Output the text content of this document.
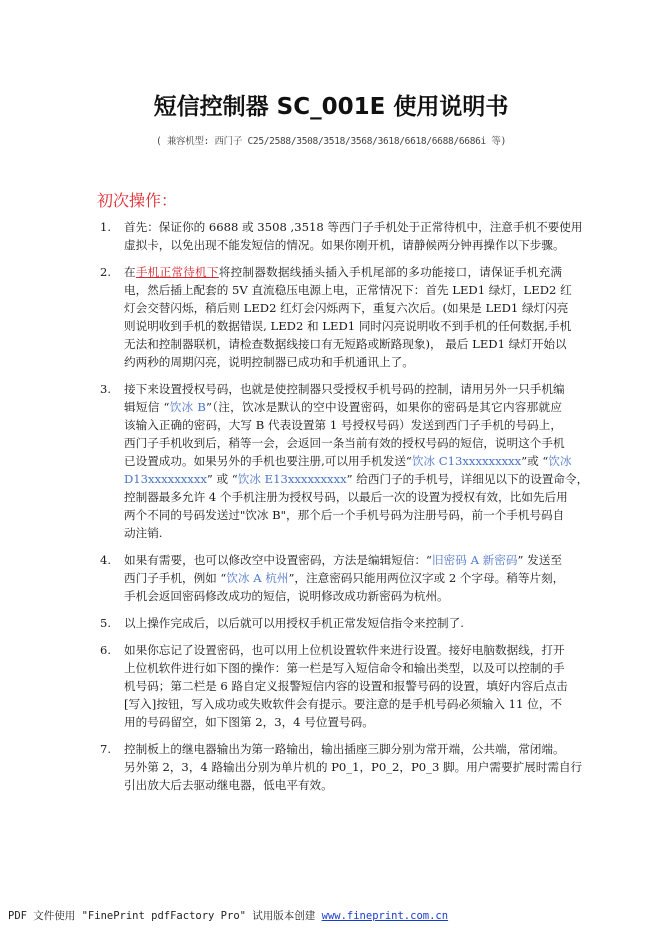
短信控制器 SC_001E 使用说明书
( 兼容机型: 西门子 C25/2588/3508/3518/3568/3618/6618/6688/6686i 等)
初次操作：
1. 首先：保证你的 6688 或 3508 ,3518 等西门子手机处于正常待机中，注意手机不要使用
虚拟卡，以免出现不能发短信的情况。如果你刚开机，请静候两分钟再操作以下步骤。
2. 在手机正常待机下将控制器数据线插头插入手机尾部的多功能接口，请保证手机充满
电，然后插上配套的 5V 直流稳压电源上电，正常情况下：首先 LED1 绿灯，LED2 红
灯会交替闪烁，稍后则 LED2 红灯会闪烁两下，重复六次后。(如果是 LED1 绿灯闪亮
则说明收到手机的数据错误, LED2 和 LED1 同时闪亮说明收不到手机的任何数据,手机
无法和控制器联机，请检查数据线接口有无短路或断路现象)， 最后 LED1 绿灯开始以
约两秒的周期闪亮，说明控制器已成功和手机通讯上了。
3. 接下来设置授权号码，也就是使控制器只受授权手机号码的控制，请用另外一只手机编
辑短信 “饮冰 B”（注，饮冰是默认的空中设置密码，如果你的密码是其它内容那就应
该输入正确的密码，大写 B 代表设置第 1 号授权号码）发送到西门子手机的号码上，
西门子手机收到后，稍等一会，会返回一条当前有效的授权号码的短信，说明这个手机
已设置成功。如果另外的手机也要注册,可以用手机发送“饮冰 C13xxxxxxxxx”或 “饮冰
D13xxxxxxxxx” 或 “饮冰 E13xxxxxxxxx” 给西门子的手机号，详细见以下的设置命令，
控制器最多允许 4 个手机注册为授权号码，以最后一次的设置为授权有效，比如先后用
两个不同的号码发送过"饮冰 B"，那个后一个手机号码为注册号码，前一个手机号码自
动注销.
4. 如果有需要，也可以修改空中设置密码，方法是编辑短信：“旧密码 A 新密码” 发送至
西门子手机，例如 “饮冰 A 杭州”，注意密码只能用两位汉字或 2 个字母。稍等片刻，
手机会返回密码修改成功的短信，说明修改成功新密码为杭州。
5. 以上操作完成后，以后就可以用授权手机正常发短信指令来控制了.
6. 如果你忘记了设置密码，也可以用上位机设置软件来进行设置。接好电脑数据线，打开
上位机软件进行如下图的操作：第一栏是写入短信命令和输出类型，以及可以控制的手
机号码；第二栏是 6 路自定义报警短信内容的设置和报警号码的设置，填好内容后点击
[写入]按钮，写入成功或失败软件会有提示。要注意的是手机号码必须输入 11 位，不
用的号码留空，如下图第 2，3，4 号位置号码。
7. 控制板上的继电器输出为第一路输出，输出插座三脚分别为常开端，公共端，常闭端。
另外第 2，3，4 路输出分别为单片机的 P0_1，P0_2，P0_3 脚。用户需要扩展时需自行
引出放大后去驱动继电器，低电平有效。
PDF 文件使用 "FinePrint pdfFactory Pro" 试用版本创建 www.fineprint.com.cn
